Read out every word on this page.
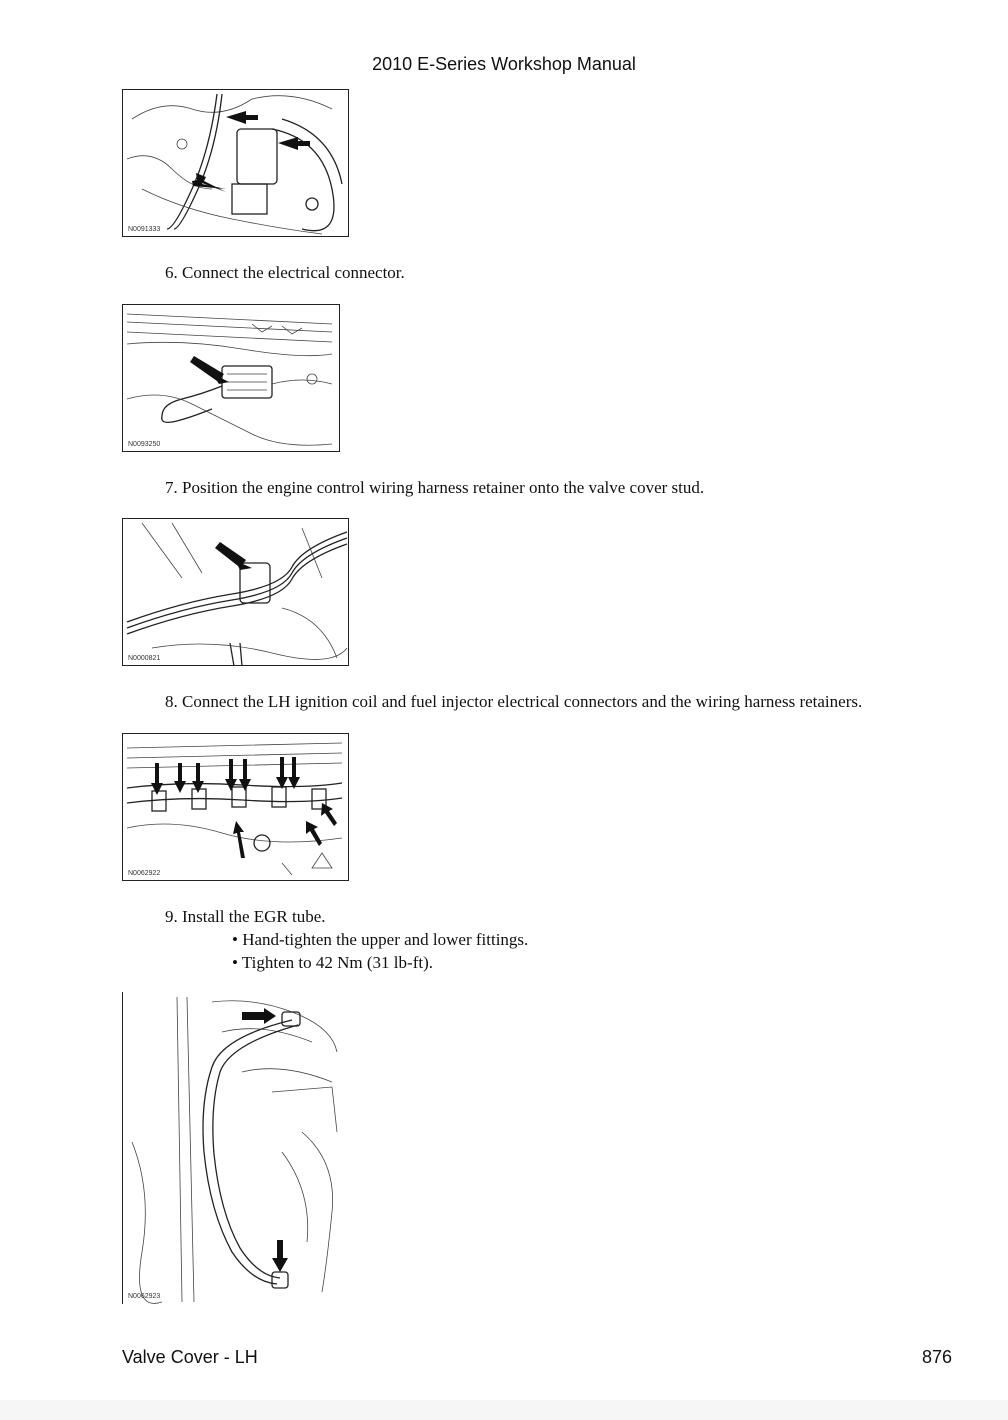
2010 E-Series Workshop Manual
N0091333
6. Connect the electrical connector.
N0093250
7. Position the engine control wiring harness retainer onto the valve cover stud.
N0000821
8. Connect the LH ignition coil and fuel injector electrical connectors and the wiring harness retainers.
N0062922
9. Install the EGR tube.
• Hand-tighten the upper and lower fittings.
• Tighten to 42 Nm (31 lb-ft).
N0062923
Valve Cover - LH	876
